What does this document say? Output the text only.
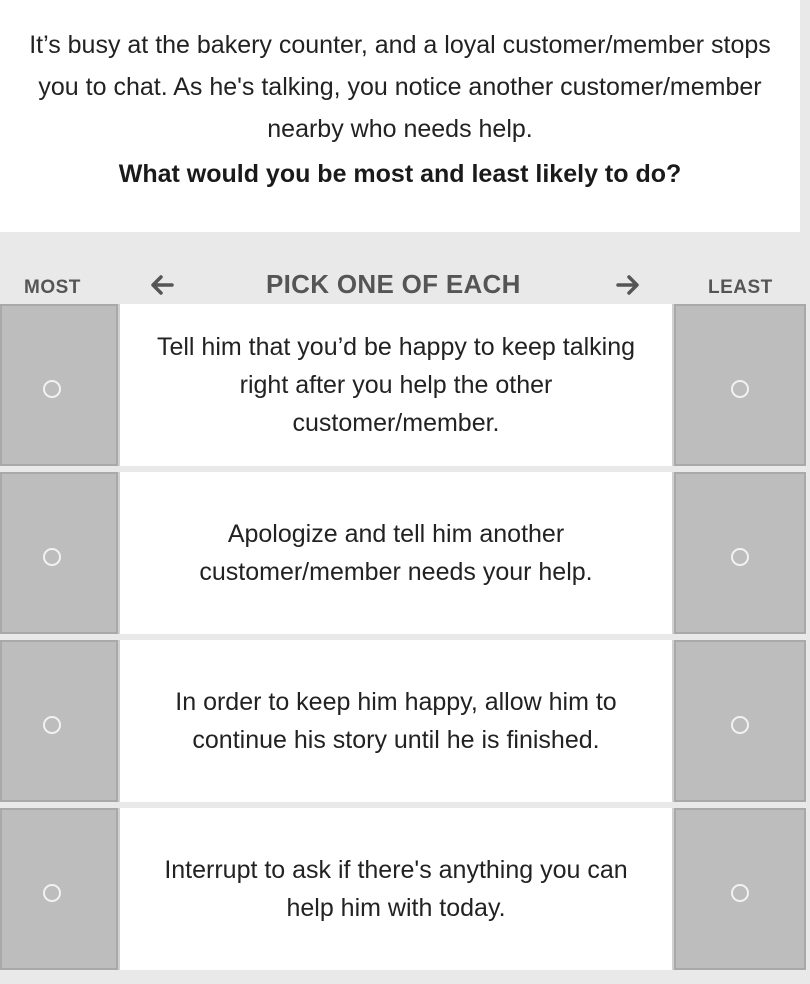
It’s busy at the bakery counter, and a loyal customer/member stops you to chat. As he's talking, you notice another customer/member nearby who needs help.

What would you be most and least likely to do?

MOST	PICK ONE OF EACH	LEAST
Tell him that you’d be happy to keep talking right after you help the other customer/member.
Apologize and tell him another customer/member needs your help.
In order to keep him happy, allow him to continue his story until he is finished.
Interrupt to ask if there's anything you can help him with today.
